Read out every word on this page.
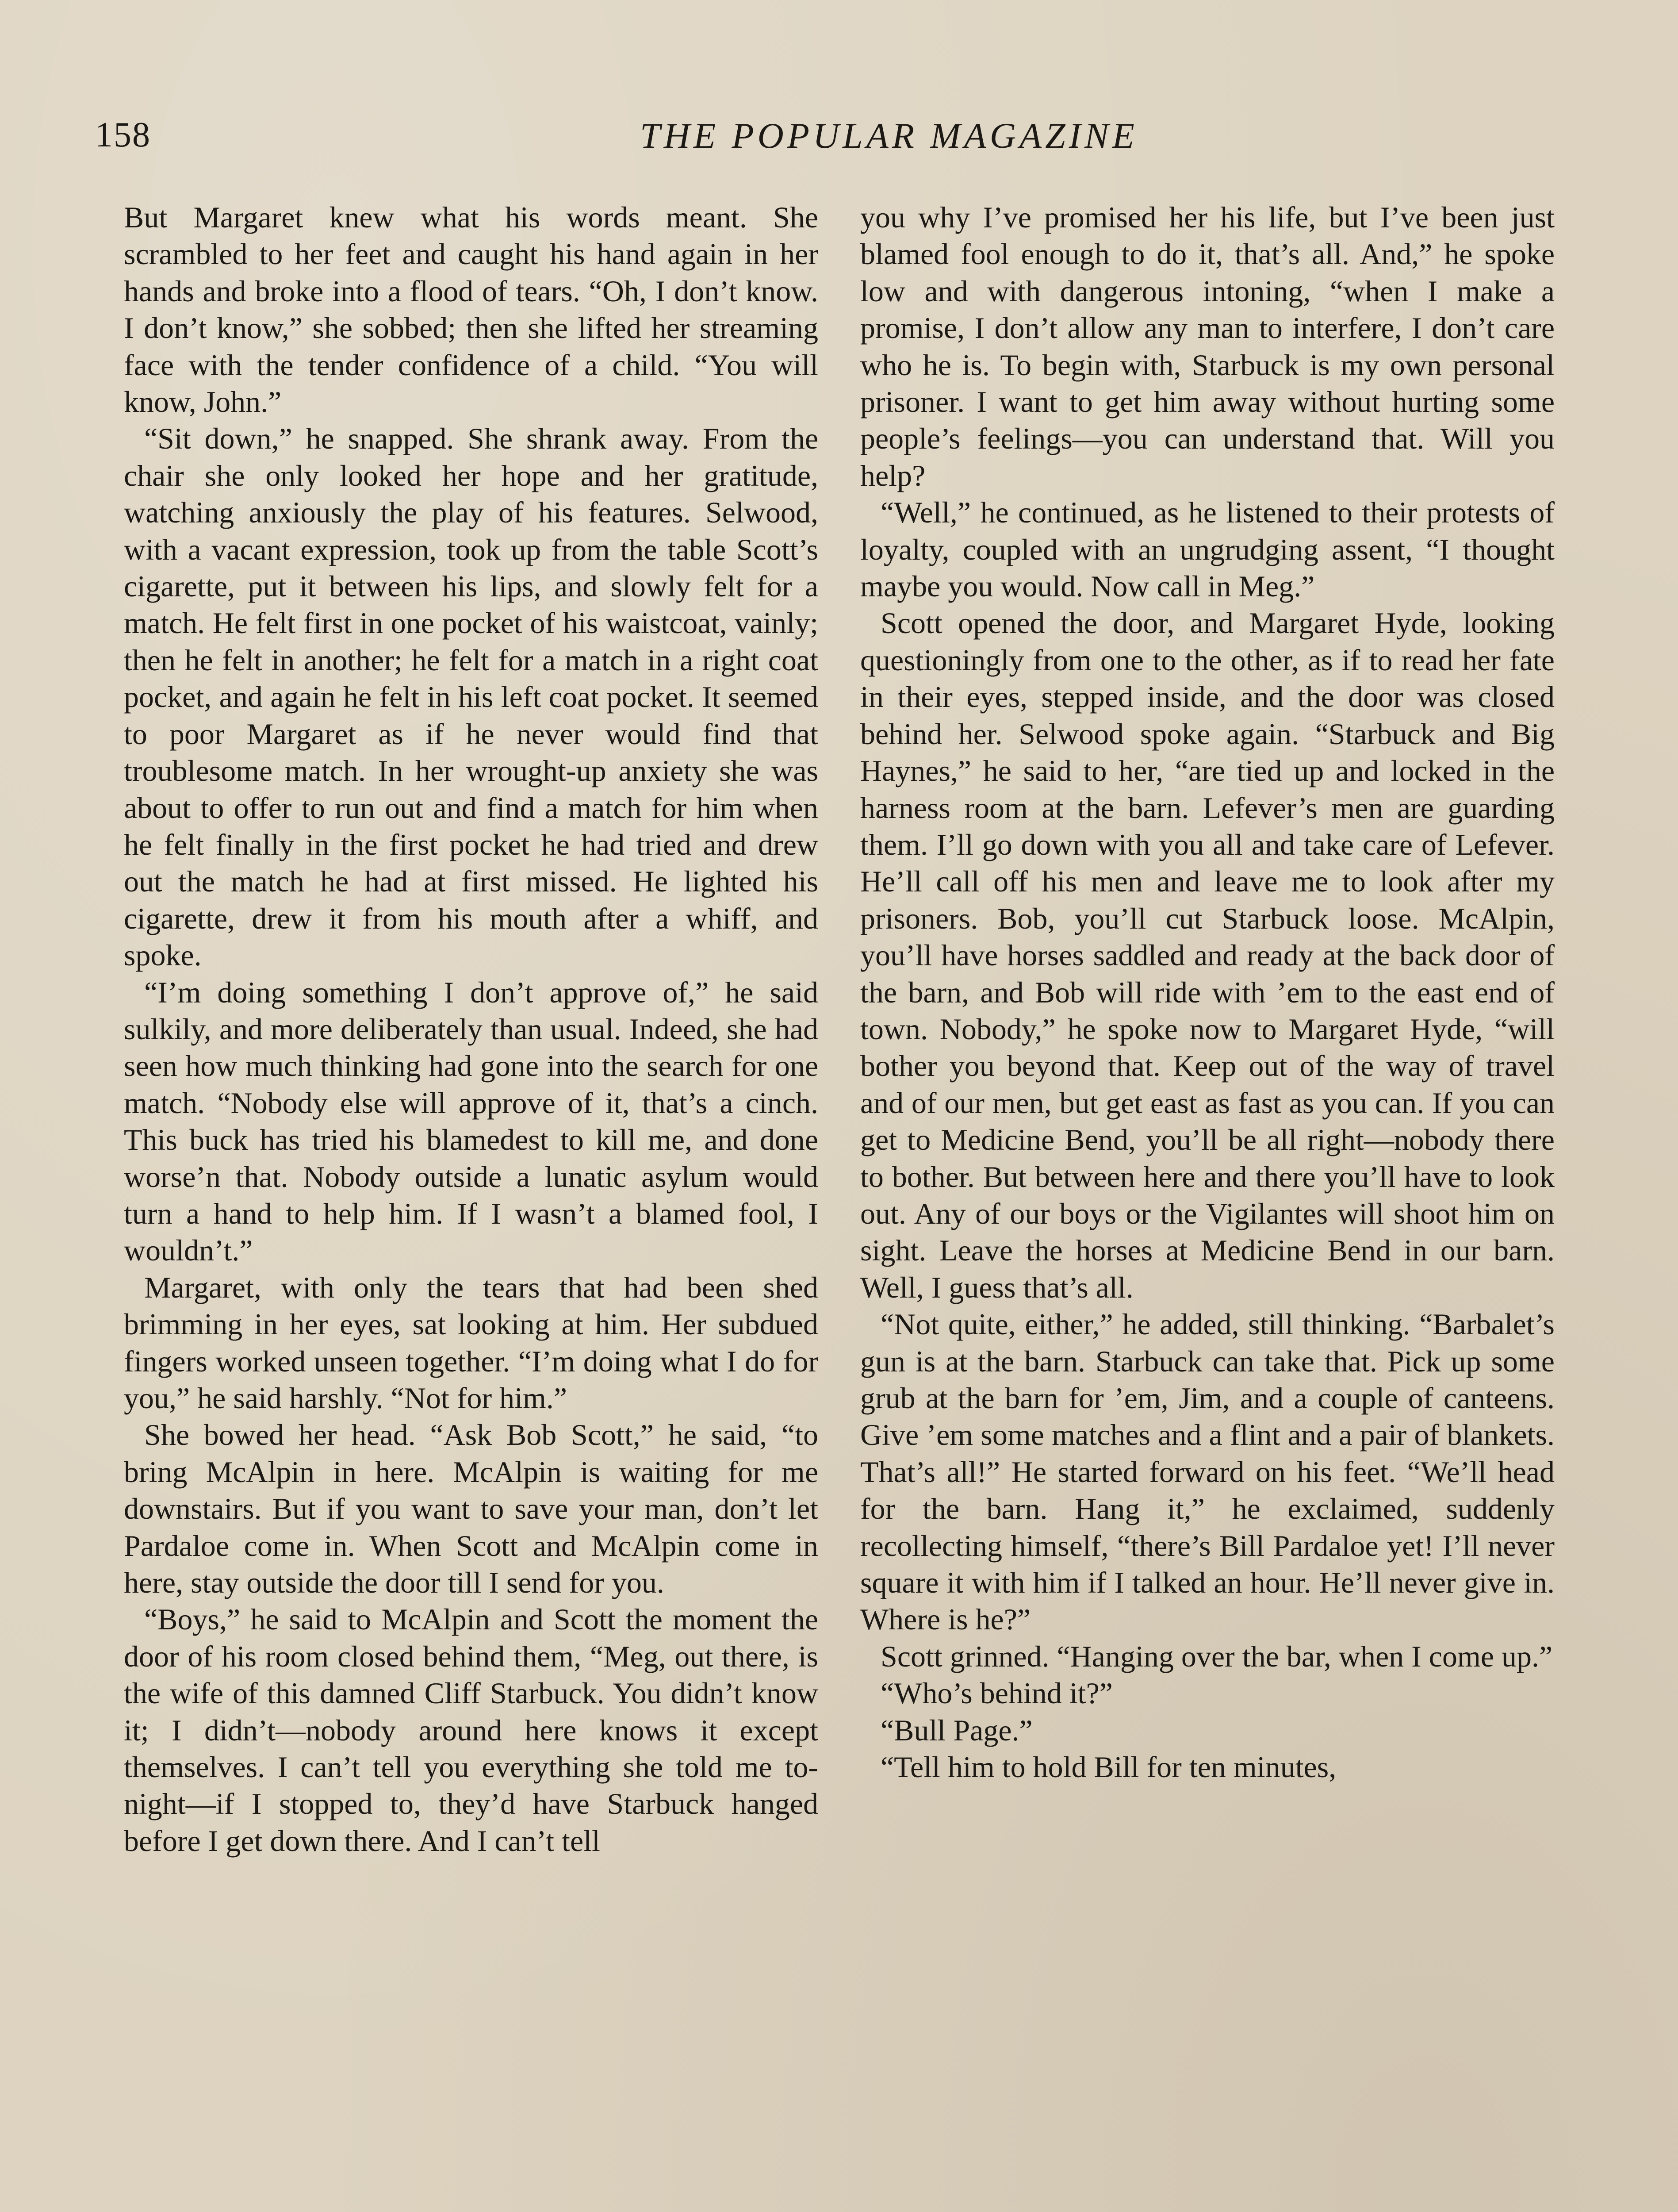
158	THE POPULAR MAGAZINE

But Margaret knew what his words meant. She scrambled to her feet and caught his hand again in her hands and broke into a flood of tears. “Oh, I don’t know. I don’t know,” she sobbed; then she lifted her streaming face with the tender confidence of a child. “You will know, John.”

“Sit down,” he snapped. She shrank away. From the chair she only looked her hope and her gratitude, watching anxiously the play of his features. Selwood, with a vacant expression, took up from the table Scott’s cigarette, put it between his lips, and slowly felt for a match. He felt first in one pocket of his waistcoat, vainly; then he felt in another; he felt for a match in a right coat pocket, and again he felt in his left coat pocket. It seemed to poor Margaret as if he never would find that troublesome match. In her wrought-up anxiety she was about to offer to run out and find a match for him when he felt finally in the first pocket he had tried and drew out the match he had at first missed. He lighted his cigarette, drew it from his mouth after a whiff, and spoke.

“I’m doing something I don’t approve of,” he said sulkily, and more deliberately than usual. Indeed, she had seen how much thinking had gone into the search for one match. “Nobody else will approve of it, that’s a cinch. This buck has tried his blamedest to kill me, and done worse’n that. Nobody outside a lunatic asylum would turn a hand to help him. If I wasn’t a blamed fool, I wouldn’t.”

Margaret, with only the tears that had been shed brimming in her eyes, sat looking at him. Her subdued fingers worked unseen together. “I’m doing what I do for you,” he said harshly. “Not for him.”

She bowed her head. “Ask Bob Scott,” he said, “to bring McAlpin in here. McAlpin is waiting for me downstairs. But if you want to save your man, don’t let Pardaloe come in. When Scott and McAlpin come in here, stay outside the door till I send for you.

“Boys,” he said to McAlpin and Scott the moment the door of his room closed behind them, “Meg, out there, is the wife of this damned Cliff Starbuck. You didn’t know it; I didn’t—nobody around here knows it except themselves. I can’t tell you everything she told me to-night—if I stopped to, they’d have Starbuck hanged before I get down there. And I can’t tell

you why I’ve promised her his life, but I’ve been just blamed fool enough to do it, that’s all. And,” he spoke low and with dangerous intoning, “when I make a promise, I don’t allow any man to interfere, I don’t care who he is. To begin with, Starbuck is my own personal prisoner. I want to get him away without hurting some people’s feelings—you can understand that. Will you help?

“Well,” he continued, as he listened to their protests of loyalty, coupled with an ungrudging assent, “I thought maybe you would. Now call in Meg.”

Scott opened the door, and Margaret Hyde, looking questioningly from one to the other, as if to read her fate in their eyes, stepped inside, and the door was closed behind her. Selwood spoke again. “Starbuck and Big Haynes,” he said to her, “are tied up and locked in the harness room at the barn. Lefever’s men are guarding them. I’ll go down with you all and take care of Lefever. He’ll call off his men and leave me to look after my prisoners. Bob, you’ll cut Starbuck loose. McAlpin, you’ll have horses saddled and ready at the back door of the barn, and Bob will ride with ’em to the east end of town. Nobody,” he spoke now to Margaret Hyde, “will bother you beyond that. Keep out of the way of travel and of our men, but get east as fast as you can. If you can get to Medicine Bend, you’ll be all right—nobody there to bother. But between here and there you’ll have to look out. Any of our boys or the Vigilantes will shoot him on sight. Leave the horses at Medicine Bend in our barn. Well, I guess that’s all.

“Not quite, either,” he added, still thinking. “Barbalet’s gun is at the barn. Starbuck can take that. Pick up some grub at the barn for ’em, Jim, and a couple of canteens. Give ’em some matches and a flint and a pair of blankets. That’s all!” He started forward on his feet. “We’ll head for the barn. Hang it,” he exclaimed, suddenly recollecting himself, “there’s Bill Pardaloe yet! I’ll never square it with him if I talked an hour. He’ll never give in. Where is he?”

Scott grinned. “Hanging over the bar, when I come up.”

“Who’s behind it?”

“Bull Page.”

“Tell him to hold Bill for ten minutes,
